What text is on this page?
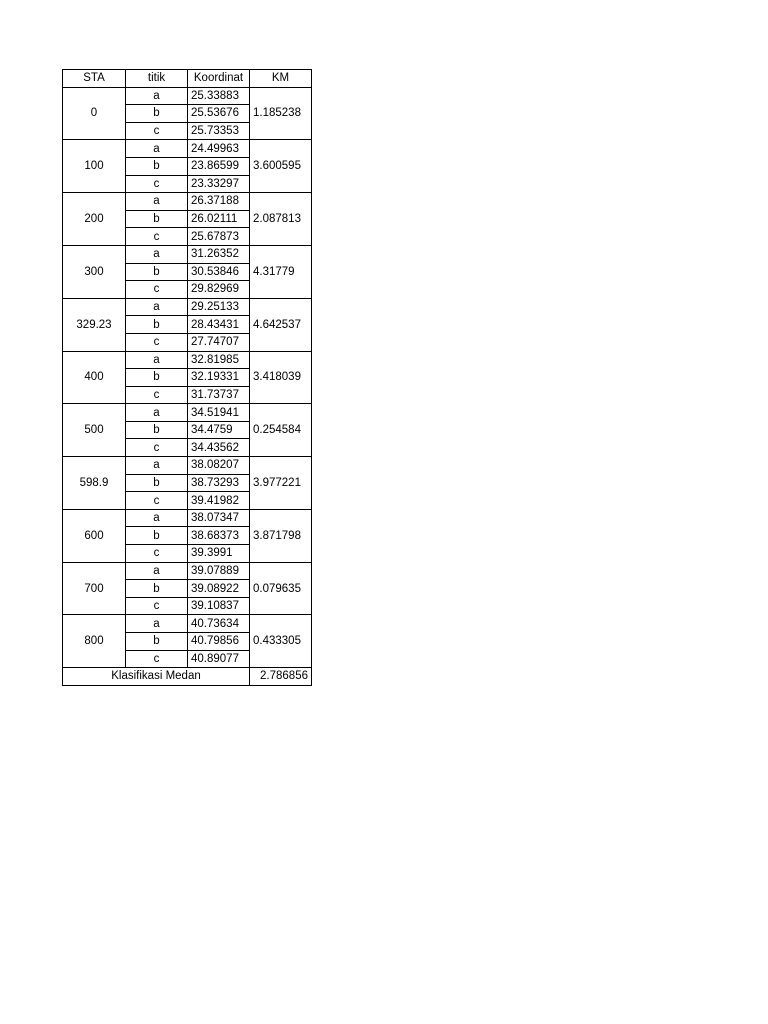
STA	titik	Koordinat	KM
0	a	25.33883	1.185238
	b	25.53676	
	c	25.73353	
100	a	24.49963	3.600595
	b	23.86599	
	c	23.33297	
200	a	26.37188	2.087813
	b	26.02111	
	c	25.67873	
300	a	31.26352	4.31779
	b	30.53846	
	c	29.82969	
329.23	a	29.25133	4.642537
	b	28.43431	
	c	27.74707	
400	a	32.81985	3.418039
	b	32.19331	
	c	31.73737	
500	a	34.51941	0.254584
	b	34.4759	
	c	34.43562	
598.9	a	38.08207	3.977221
	b	38.73293	
	c	39.41982	
600	a	38.07347	3.871798
	b	38.68373	
	c	39.3991	
700	a	39.07889	0.079635
	b	39.08922	
	c	39.10837	
800	a	40.73634	0.433305
	b	40.79856	
	c	40.89077	
Klasifikasi Medan			2.786856
